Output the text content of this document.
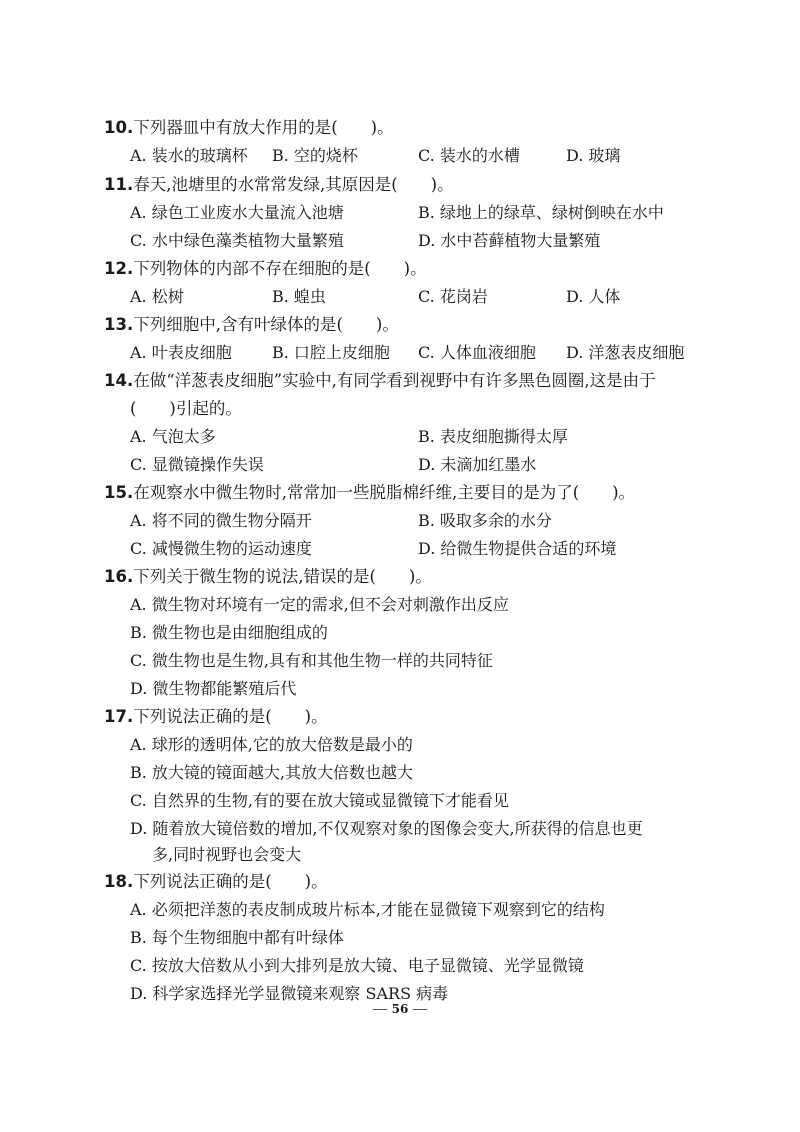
10.下列器皿中有放大作用的是(　　)。
A. 装水的玻璃杯 B. 空的烧杯	C. 装水的水槽	D. 玻璃
11.春天,池塘里的水常常发绿,其原因是(　　)。
A. 绿色工业废水大量流入池塘	B. 绿地上的绿草、绿树倒映在水中
C. 水中绿色藻类植物大量繁殖	D. 水中苔藓植物大量繁殖
12.下列物体的内部不存在细胞的是(　　)。
A. 松树	B. 蝗虫	C. 花岗岩	D. 人体
13.下列细胞中,含有叶绿体的是(　　)。
A. 叶表皮细胞	B. 口腔上皮细胞 C. 人体血液细胞 D. 洋葱表皮细胞
14.在做“洋葱表皮细胞”实验中,有同学看到视野中有许多黑色圆圈,这是由于
(　　)引起的。
A. 气泡太多	B. 表皮细胞撕得太厚
C. 显微镜操作失误	D. 未滴加红墨水
15.在观察水中微生物时,常常加一些脱脂棉纤维,主要目的是为了(　　)。
A. 将不同的微生物分隔开	B. 吸取多余的水分
C. 减慢微生物的运动速度	D. 给微生物提供合适的环境
16.下列关于微生物的说法,错误的是(　　)。
A. 微生物对环境有一定的需求,但不会对刺激作出反应
B. 微生物也是由细胞组成的
C. 微生物也是生物,具有和其他生物一样的共同特征
D. 微生物都能繁殖后代
17.下列说法正确的是(　　)。
A. 球形的透明体,它的放大倍数是最小的
B. 放大镜的镜面越大,其放大倍数也越大
C. 自然界的生物,有的要在放大镜或显微镜下才能看见
D. 随着放大镜倍数的增加,不仅观察对象的图像会变大,所获得的信息也更
多,同时视野也会变大
18.下列说法正确的是(　　)。
A. 必须把洋葱的表皮制成玻片标本,才能在显微镜下观察到它的结构
B. 每个生物细胞中都有叶绿体
C. 按放大倍数从小到大排列是放大镜、电子显微镜、光学显微镜
D. 科学家选择光学显微镜来观察 SARS 病毒
56
